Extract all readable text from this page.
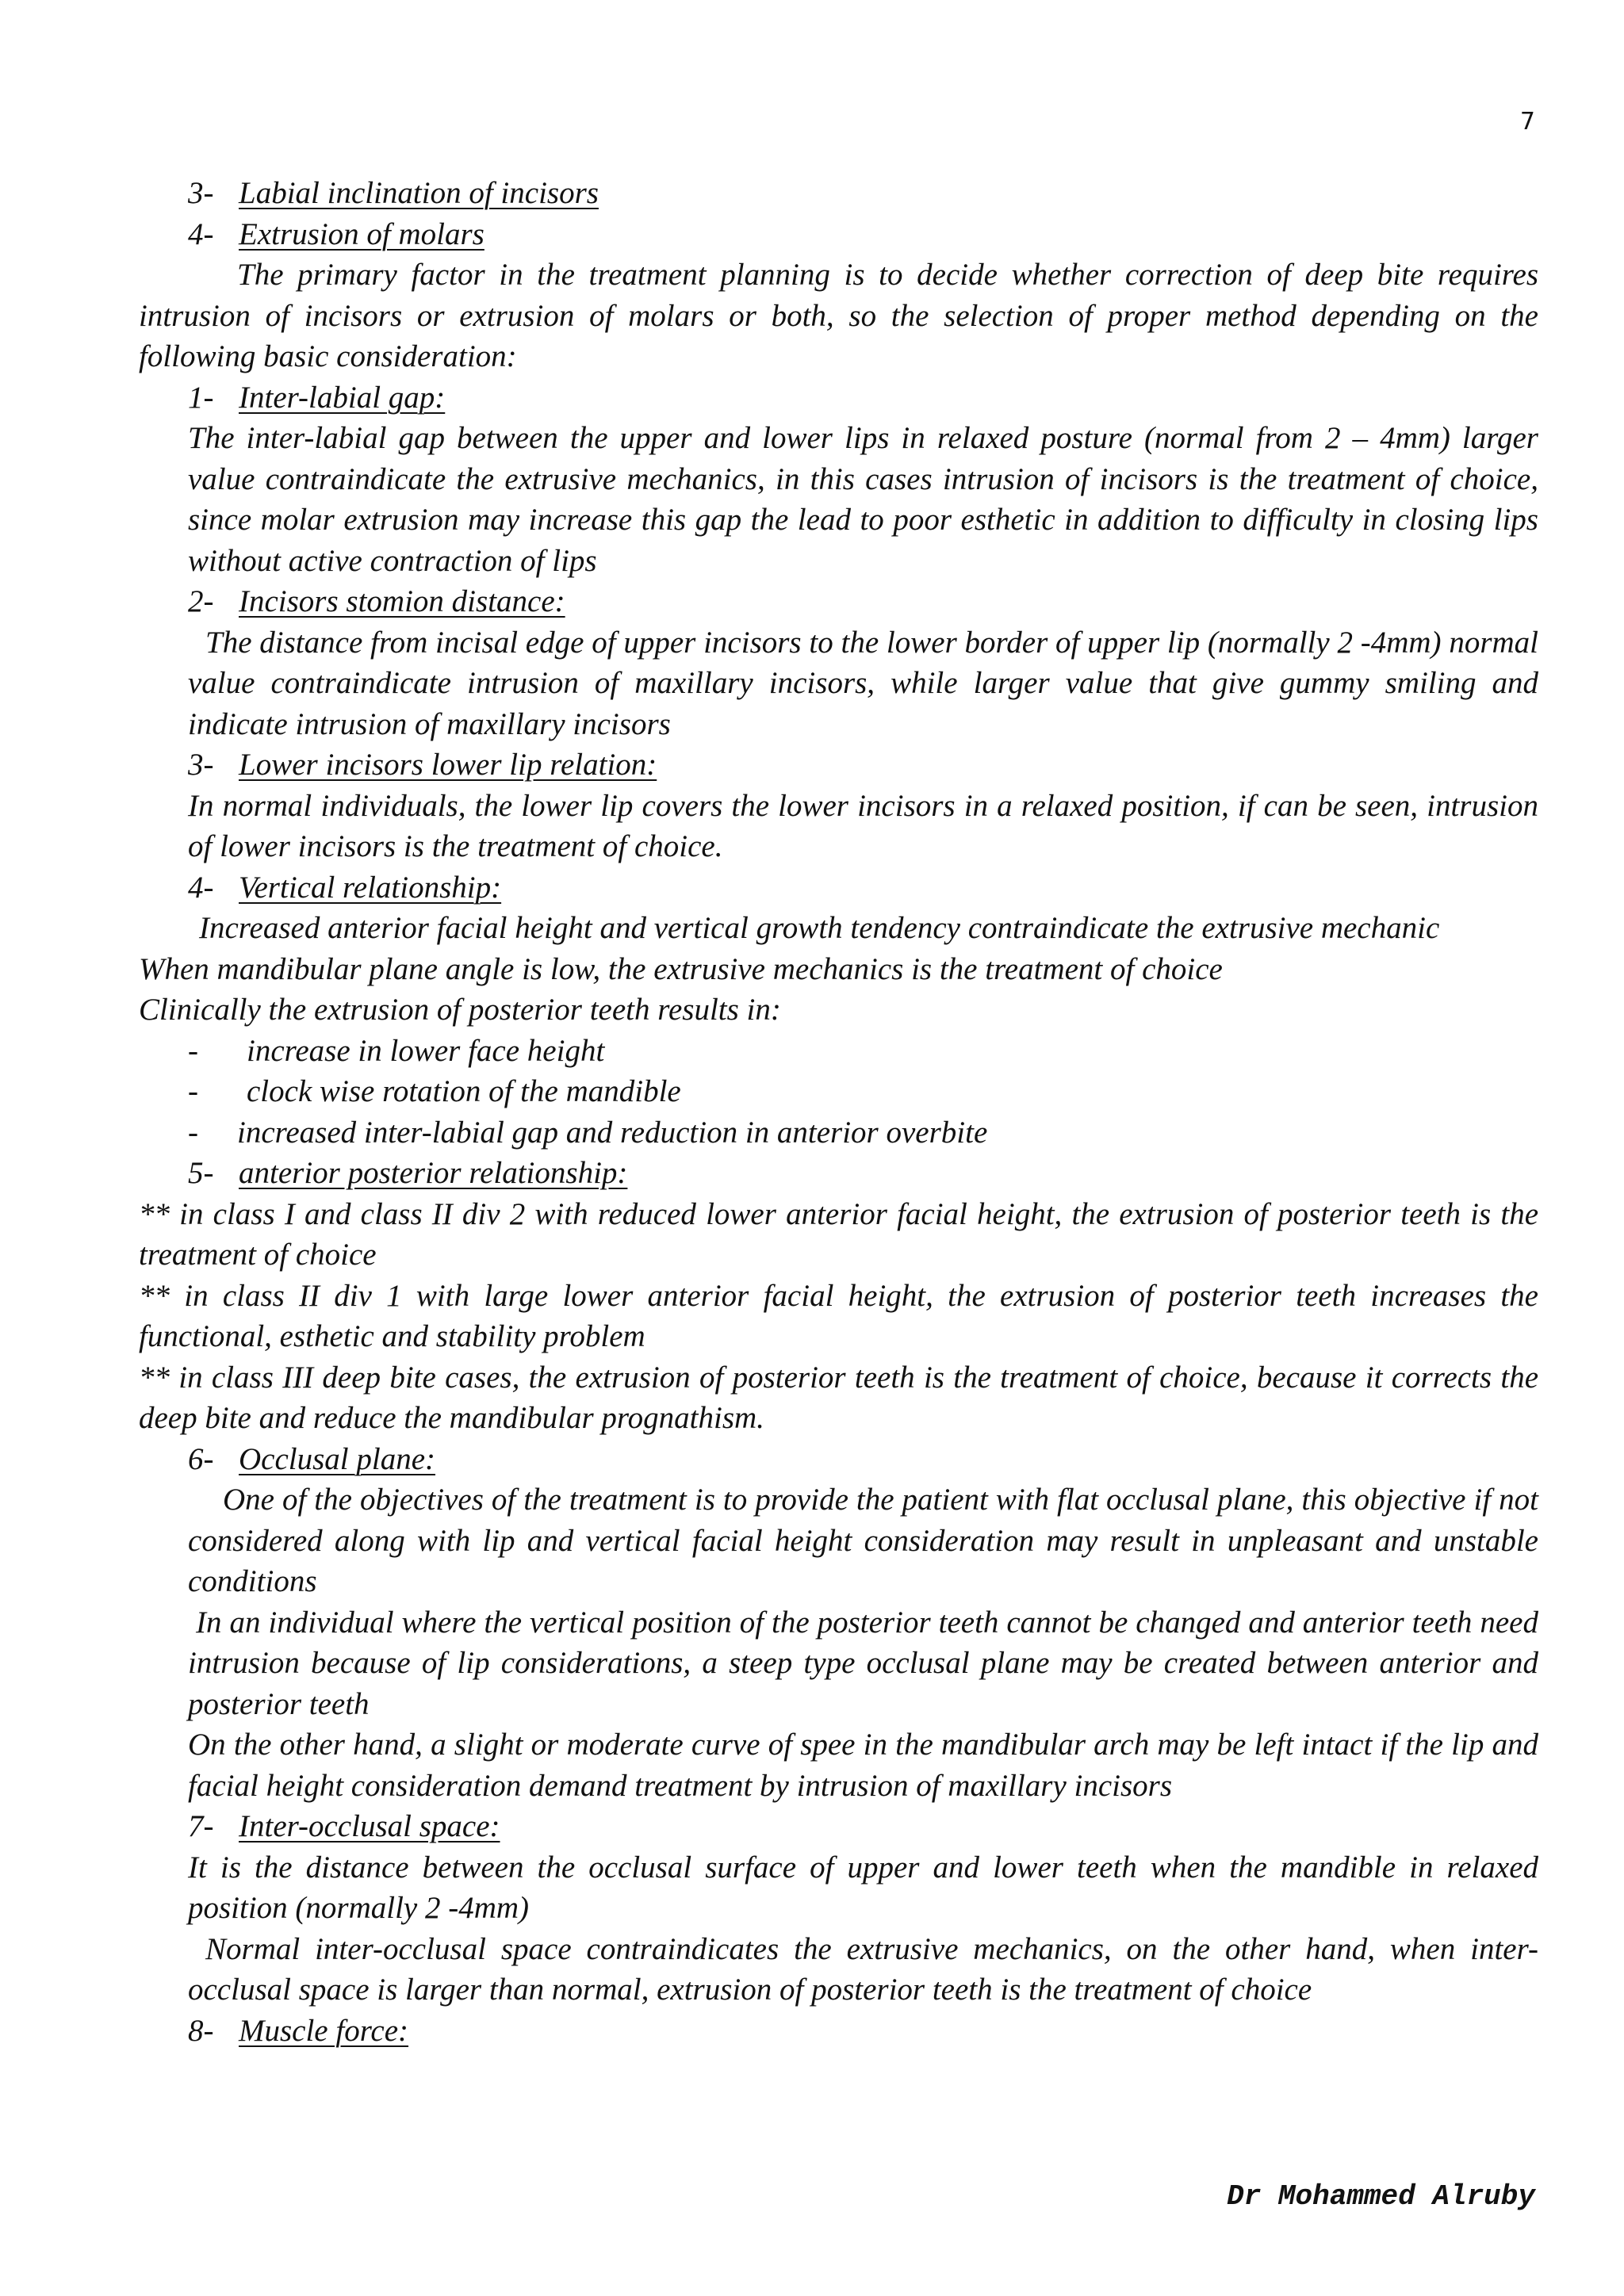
7
3- Labial inclination of incisors
4- Extrusion of molars
The primary factor in the treatment planning is to decide whether correction of deep bite requires intrusion of incisors or extrusion of molars or both, so the selection of proper method depending on the following basic consideration:
1- Inter-labial gap:
The inter-labial gap between the upper and lower lips in relaxed posture (normal from 2 – 4mm) larger value contraindicate the extrusive mechanics, in this cases intrusion of incisors is the treatment of choice, since molar extrusion may increase this gap the lead to poor esthetic in addition to difficulty in closing lips without active contraction of lips
2- Incisors stomion distance:
The distance from incisal edge of upper incisors to the lower border of upper lip (normally 2 -4mm) normal value contraindicate intrusion of maxillary incisors, while larger value that give gummy smiling and indicate intrusion of maxillary incisors
3- Lower incisors lower lip relation:
In normal individuals, the lower lip covers the lower incisors in a relaxed position, if can be seen, intrusion of lower incisors is the treatment of choice.
4- Vertical relationship:
Increased anterior facial height and vertical growth tendency contraindicate the extrusive mechanic
When mandibular plane angle is low, the extrusive mechanics is the treatment of choice
Clinically the extrusion of posterior teeth results in:
- increase in lower face height
- clock wise rotation of the mandible
- increased inter-labial gap and reduction in anterior overbite
5- anterior posterior relationship:
** in class I and class II div 2 with reduced lower anterior facial height, the extrusion of posterior teeth is the treatment of choice
** in class II div 1 with large lower anterior facial height, the extrusion of posterior teeth increases the functional, esthetic and stability problem
** in class III deep bite cases, the extrusion of posterior teeth is the treatment of choice, because it corrects the deep bite and reduce the mandibular prognathism.
6- Occlusal plane:
One of the objectives of the treatment is to provide the patient with flat occlusal plane, this objective if not considered along with lip and vertical facial height consideration may result in unpleasant and unstable conditions
In an individual where the vertical position of the posterior teeth cannot be changed and anterior teeth need intrusion because of lip considerations, a steep type occlusal plane may be created between anterior and posterior teeth
On the other hand, a slight or moderate curve of spee in the mandibular arch may be left intact if the lip and facial height consideration demand treatment by intrusion of maxillary incisors
7- Inter-occlusal space:
It is the distance between the occlusal surface of upper and lower teeth when the mandible in relaxed position (normally 2 -4mm)
Normal inter-occlusal space contraindicates the extrusive mechanics, on the other hand, when inter-occlusal space is larger than normal, extrusion of posterior teeth is the treatment of choice
8- Muscle force:
Dr Mohammed Alruby
